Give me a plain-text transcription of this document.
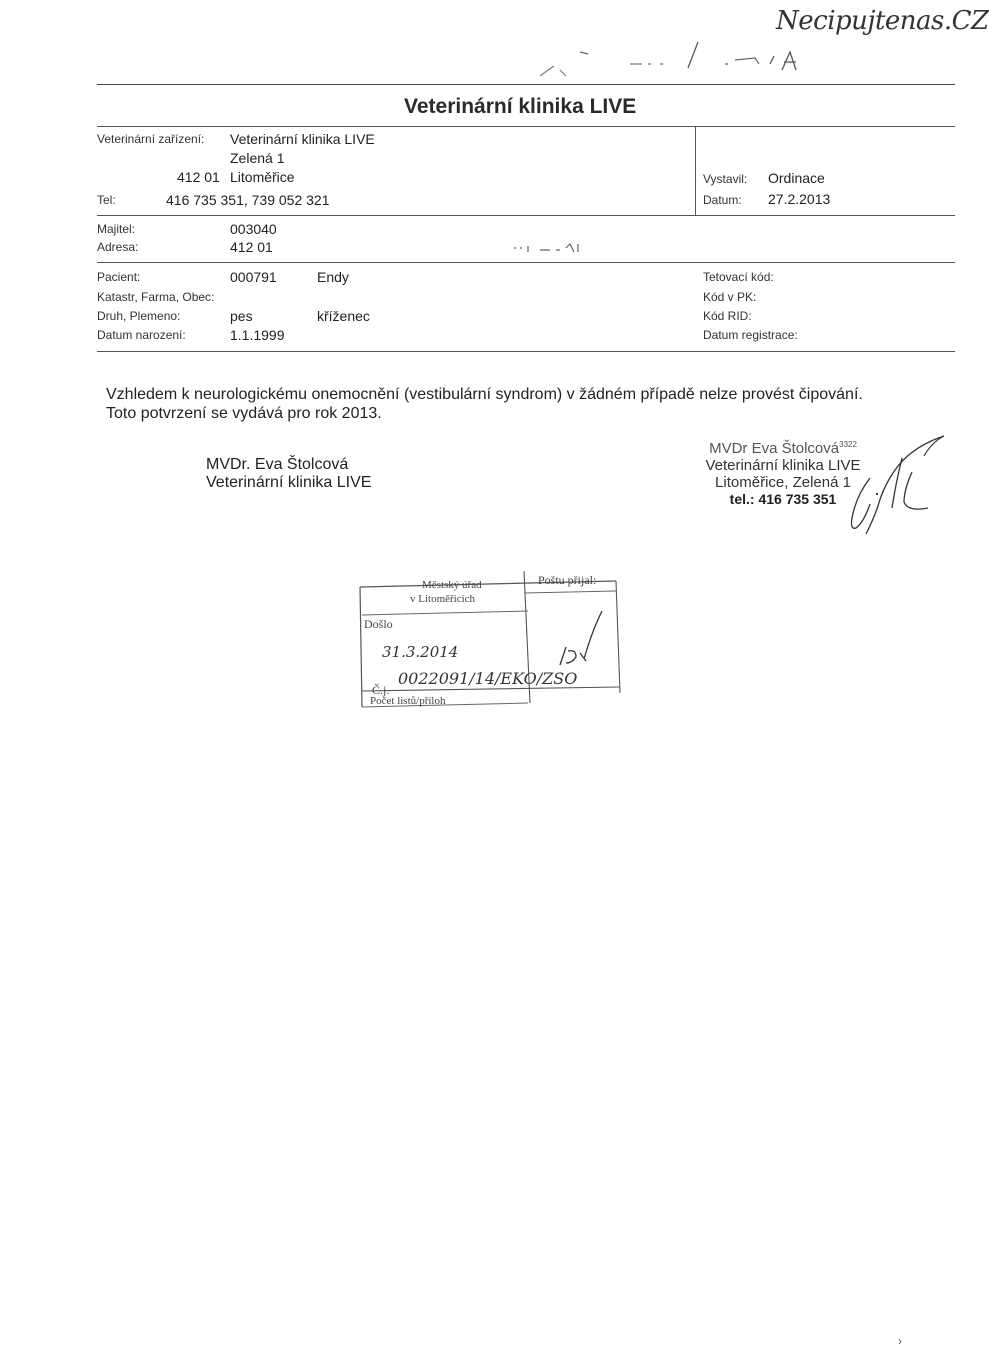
Necipujtenas.CZ
Veterinární klinika LIVE
Veterinární zařízení: Veterinární klinika LIVE
Zelená 1
412 01 Litoměřice
Tel:	416 735 351, 739 052 321
Vystavil: Ordinace
Datum: 27.2.2013
Majitel:	003040
Adresa:	412 01
Pacient:	000791	Endy
Katastr, Farma, Obec:
Druh, Plemeno:	pes	kříženec
Datum narození:	1.1.1999
Tetovací kód:
Kód v PK:
Kód RID:
Datum registrace:
Vzhledem k neurologickému onemocnění (vestibulární syndrom) v žádném případě nelze provést čipování.
Toto potvrzení se vydává pro rok 2013.
MVDr. Eva Štolcová
Veterinární klinika LIVE
MVDr Eva Štolcová$^{3322}$
Veterinární klinika LIVE
Litoměřice, Zelená 1
tel.: 416 735 351
Městský úřad
v Litoměřicích
Poštu přijal:
Došlo
31.3.2014
Č.j.
0022091/14/EKO/ZSO
Počet listů/příloh
›
